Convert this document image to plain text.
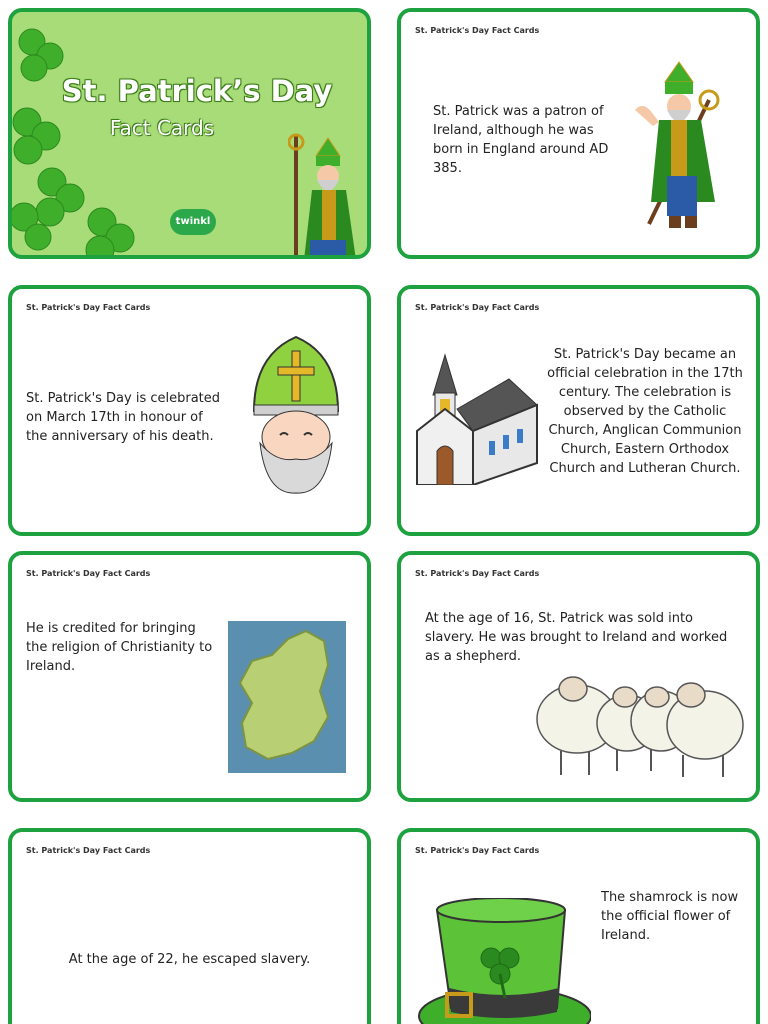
St. Patrick’s Day
Fact Cards
twinkl
St. Patrick's Day Fact Cards
St. Patrick was a patron of Ireland, although he was born in England around AD 385.
St. Patrick's Day Fact Cards
St. Patrick's Day is celebrated on March 17th in honour of the anniversary of his death.
St. Patrick's Day Fact Cards
St. Patrick's Day became an official celebration in the 17th century. The celebration is observed by the Catholic Church, Anglican Communion Church, Eastern Orthodox Church and Lutheran Church.
St. Patrick's Day Fact Cards
He is credited for bringing the religion of Christianity to Ireland.
St. Patrick's Day Fact Cards
At the age of 16, St. Patrick was sold into slavery. He was brought to Ireland and worked as a shepherd.
St. Patrick's Day Fact Cards
At the age of 22, he escaped slavery.
St. Patrick's Day Fact Cards
The shamrock is now the official flower of Ireland.
